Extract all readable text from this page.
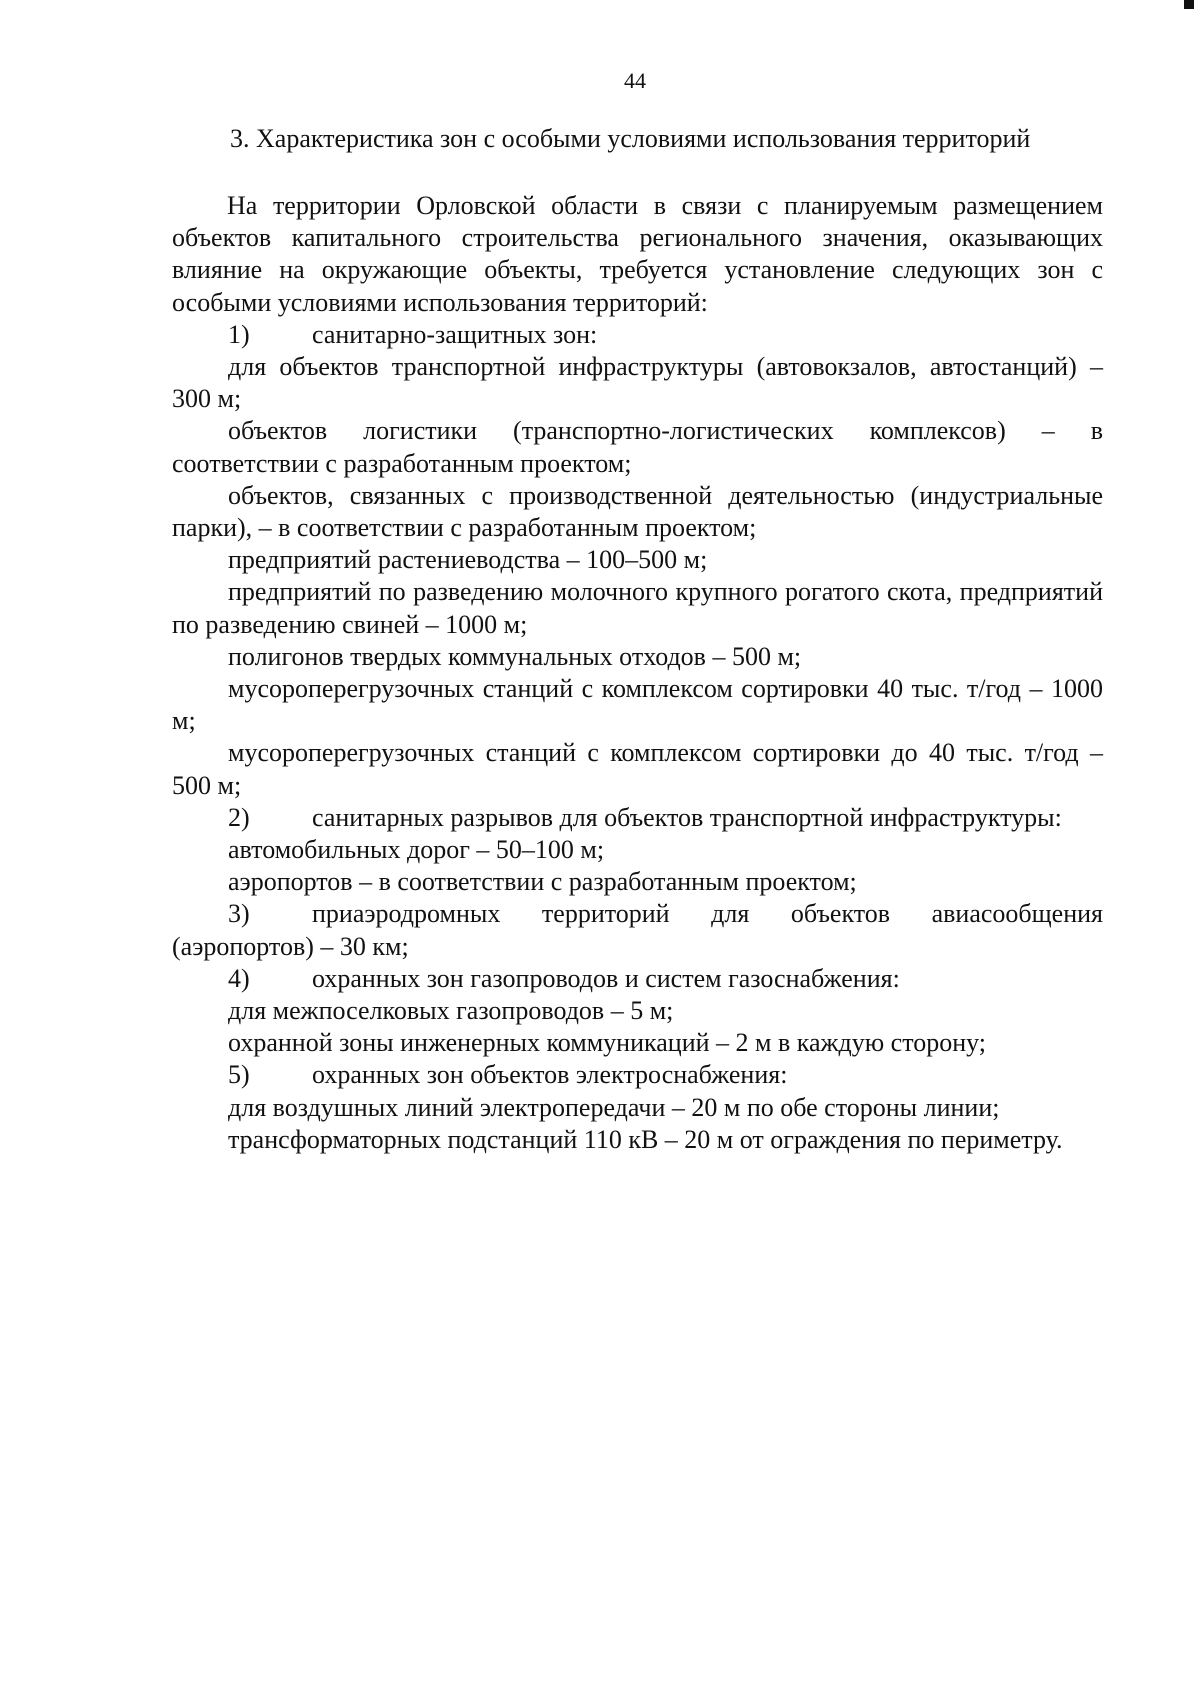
44
3. Характеристика зон с особыми условиями использования территорий

На территории Орловской области в связи с планируемым размещением объектов капитального строительства регионального значения, оказывающих влияние на окружающие объекты, требуется установление следующих зон с особыми условиями использования территорий:

1) санитарно-защитных зон:

для объектов транспортной инфраструктуры (автовокзалов, автостанций) – 300 м;

объектов логистики (транспортно-логистических комплексов) – в соответствии с разработанным проектом;

объектов, связанных с производственной деятельностью (индустриальные парки), – в соответствии с разработанным проектом;

предприятий растениеводства – 100–500 м;

предприятий по разведению молочного крупного рогатого скота, предприятий по разведению свиней – 1000 м;

полигонов твердых коммунальных отходов – 500 м;

мусороперегрузочных станций с комплексом сортировки 40 тыс. т/год – 1000 м;

мусороперегрузочных станций с комплексом сортировки до 40 тыс. т/год – 500 м;

2) санитарных разрывов для объектов транспортной инфраструктуры:

автомобильных дорог – 50–100 м;

аэропортов – в соответствии с разработанным проектом;

3) приаэродромных территорий для объектов авиасообщения (аэропортов) – 30 км;

4) охранных зон газопроводов и систем газоснабжения:

для межпоселковых газопроводов – 5 м;

охранной зоны инженерных коммуникаций – 2 м в каждую сторону;

5) охранных зон объектов электроснабжения:

для воздушных линий электропередачи – 20 м по обе стороны линии;

трансформаторных подстанций 110 кВ – 20 м от ограждения по периметру.
